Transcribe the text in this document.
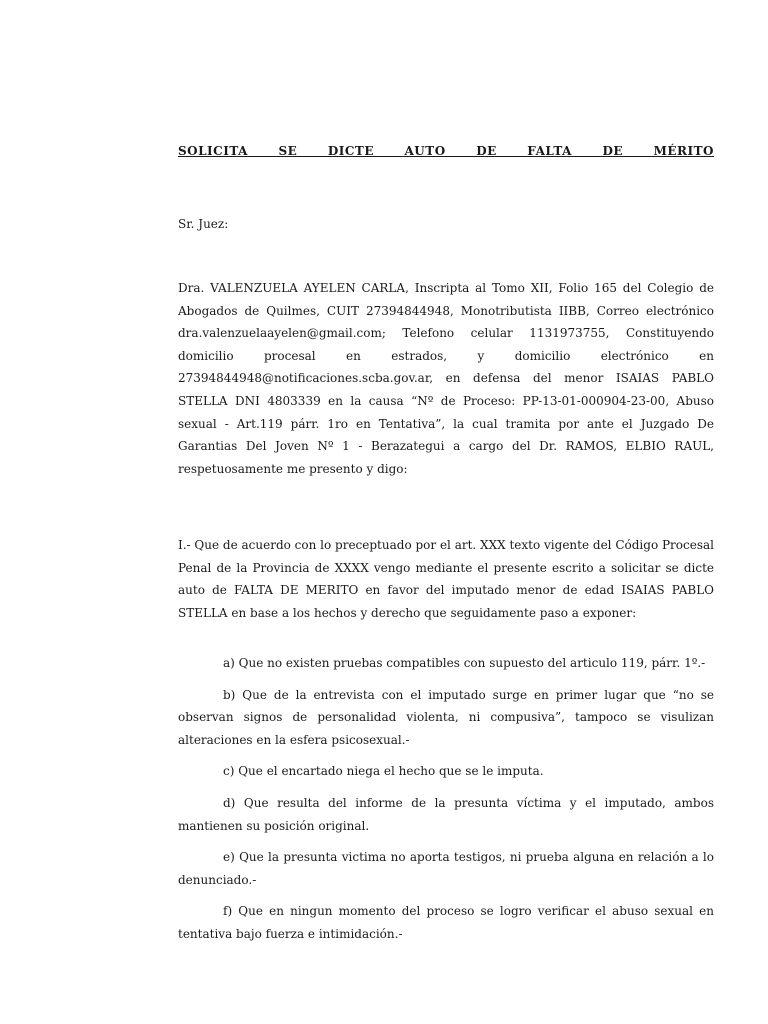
SOLICITA SE DICTE AUTO DE FALTA DE MÉRITO
Sr. Juez:
Dra. VALENZUELA AYELEN CARLA, Inscripta al Tomo XII, Folio 165 del Colegio de Abogados de Quilmes, CUIT 27394844948, Monotributista IIBB, Correo electrónico dra.valenzuelaayelen@gmail.com; Telefono celular 1131973755, Constituyendo domicilio procesal en estrados, y domicilio electrónico en 27394844948@notificaciones.scba.gov.ar, en defensa del menor ISAIAS PABLO STELLA DNI 4803339 en la causa “Nº de Proceso: PP-13-01-000904-23-00, Abuso sexual - Art.119 párr. 1ro en Tentativa”, la cual tramita por ante el Juzgado De Garantias Del Joven Nº 1 - Berazategui a cargo del Dr. RAMOS, ELBIO RAUL, respetuosamente me presento y digo:
I.- Que de acuerdo con lo preceptuado por el art. XXX texto vigente del Código Procesal Penal de la Provincia de XXXX vengo mediante el presente escrito a solicitar se dicte auto de FALTA DE MERITO en favor del imputado menor de edad ISAIAS PABLO STELLA en base a los hechos y derecho que seguidamente paso a exponer:

a) Que no existen pruebas compatibles con supuesto del articulo 119, párr. 1º.-

b) Que de la entrevista con el imputado surge en primer lugar que “no se observan signos de personalidad violenta, ni compusiva”, tampoco se visulizan alteraciones en la esfera psicosexual.-

c) Que el encartado niega el hecho que se le imputa.

d) Que resulta del informe de la presunta víctima y el imputado, ambos mantienen su posición original.

e) Que la presunta victima no aporta testigos, ni prueba alguna en relación a lo denunciado.-

f) Que en ningun momento del proceso se logro verificar el abuso sexual en tentativa bajo fuerza e intimidación.-
